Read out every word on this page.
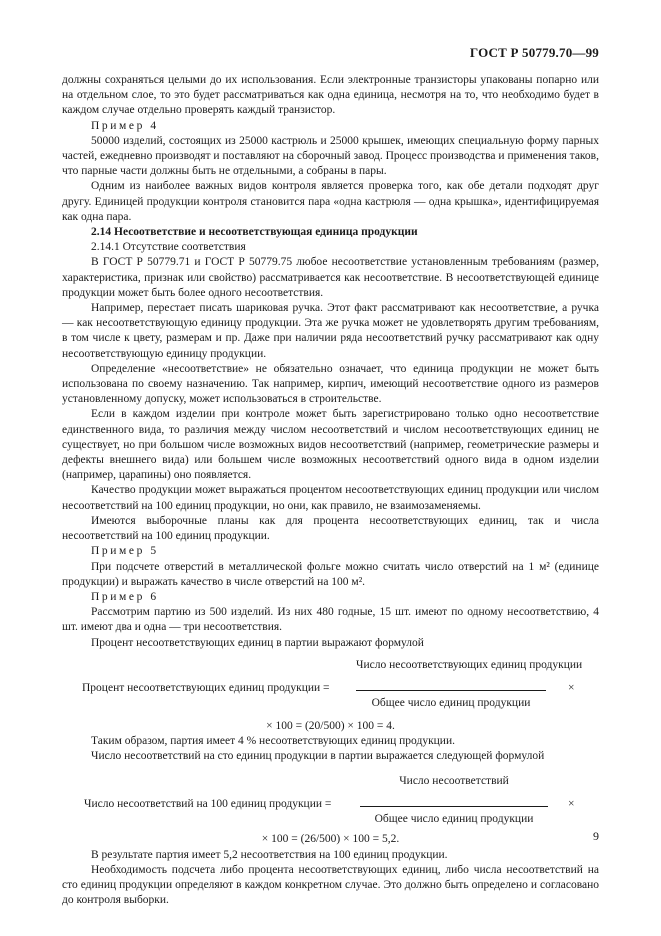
ГОСТ Р 50779.70—99

должны сохраняться целыми до их использования. Если электронные транзисторы упакованы попарно или на отдельном слое, то это будет рассматриваться как одна единица, несмотря на то, что необходимо будет в каждом случае отдельно проверять каждый транзистор.

Пример 4

50000 изделий, состоящих из 25000 кастрюль и 25000 крышек, имеющих специальную форму парных частей, ежедневно производят и поставляют на сборочный завод. Процесс производства и применения таков, что парные части должны быть не отдельными, а собраны в пары.

Одним из наиболее важных видов контроля является проверка того, как обе детали подходят друг другу. Единицей продукции контроля становится пара «одна кастрюля — одна крышка», идентифицируемая как одна пара.

2.14 Несоответствие и несоответствующая единица продукции

2.14.1 Отсутствие соответствия

В ГОСТ Р 50779.71 и ГОСТ Р 50779.75 любое несоответствие установленным требованиям (размер, характеристика, признак или свойство) рассматривается как несоответствие. В несоответствующей единице продукции может быть более одного несоответствия.

Например, перестает писать шариковая ручка. Этот факт рассматривают как несоответствие, а ручка — как несоответствующую единицу продукции. Эта же ручка может не удовлетворять другим требованиям, в том числе к цвету, размерам и пр. Даже при наличии ряда несоответствий ручку рассматривают как одну несоответствующую единицу продукции.

Определение «несоответствие» не обязательно означает, что единица продукции не может быть использована по своему назначению. Так например, кирпич, имеющий несоответствие одного из размеров установленному допуску, может использоваться в строительстве.

Если в каждом изделии при контроле может быть зарегистрировано только одно несоответствие единственного вида, то различия между числом несоответствий и числом несоответствующих единиц не существует, но при большом числе возможных видов несоответствий (например, геометрические размеры и дефекты внешнего вида) или большем числе возможных несоответствий одного вида в одном изделии (например, царапины) оно появляется.

Качество продукции может выражаться процентом несоответствующих единиц продукции или числом несоответствий на 100 единиц продукции, но они, как правило, не взаимозаменяемы.

Имеются выборочные планы как для процента несоответствующих единиц, так и числа несоответствий на 100 единиц продукции.

Пример 5

При подсчете отверстий в металлической фольге можно считать число отверстий на 1 м² (единице продукции) и выражать качество в числе отверстий на 100 м².

Пример 6

Рассмотрим партию из 500 изделий. Из них 480 годные, 15 шт. имеют по одному несоответствию, 4 шт. имеют два и одна — три несоответствия.

Процент несоответствующих единиц в партии выражают формулой

Процент несоответствующих единиц продукции =
Число несоответствующих единиц продукции
Общее число единиц продукции
×

× 100 = (20/500) × 100 = 4.

Таким образом, партия имеет 4 % несоответствующих единиц продукции.

Число несоответствий на сто единиц продукции в партии выражается следующей формулой

Число несоответствий на 100 единиц продукции =
Число несоответствий
Общее число единиц продукции
×

× 100 = (26/500) × 100 = 5,2.

В результате партия имеет 5,2 несоответствия на 100 единиц продукции.

Необходимость подсчета либо процента несоответствующих единиц, либо числа несоответствий на сто единиц продукции определяют в каждом конкретном случае. Это должно быть определено и согласовано до контроля выборки.

9
